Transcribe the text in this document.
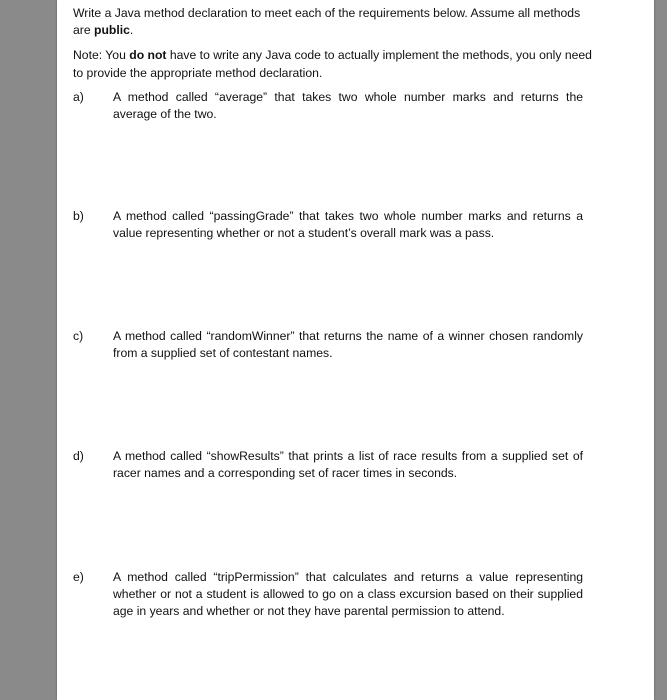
Write a Java method declaration to meet each of the requirements below. Assume all methods are public.

Note: You do not have to write any Java code to actually implement the methods, you only need to provide the appropriate method declaration.

a)	A method called “average” that takes two whole number marks and returns the average of the two.
b)	A method called “passingGrade” that takes two whole number marks and returns a value representing whether or not a student’s overall mark was a pass.
c)	A method called “randomWinner” that returns the name of a winner chosen randomly from a supplied set of contestant names.
d)	A method called “showResults” that prints a list of race results from a supplied set of racer names and a corresponding set of racer times in seconds.
e)	A method called “tripPermission” that calculates and returns a value representing whether or not a student is allowed to go on a class excursion based on their supplied age in years and whether or not they have parental permission to attend.
